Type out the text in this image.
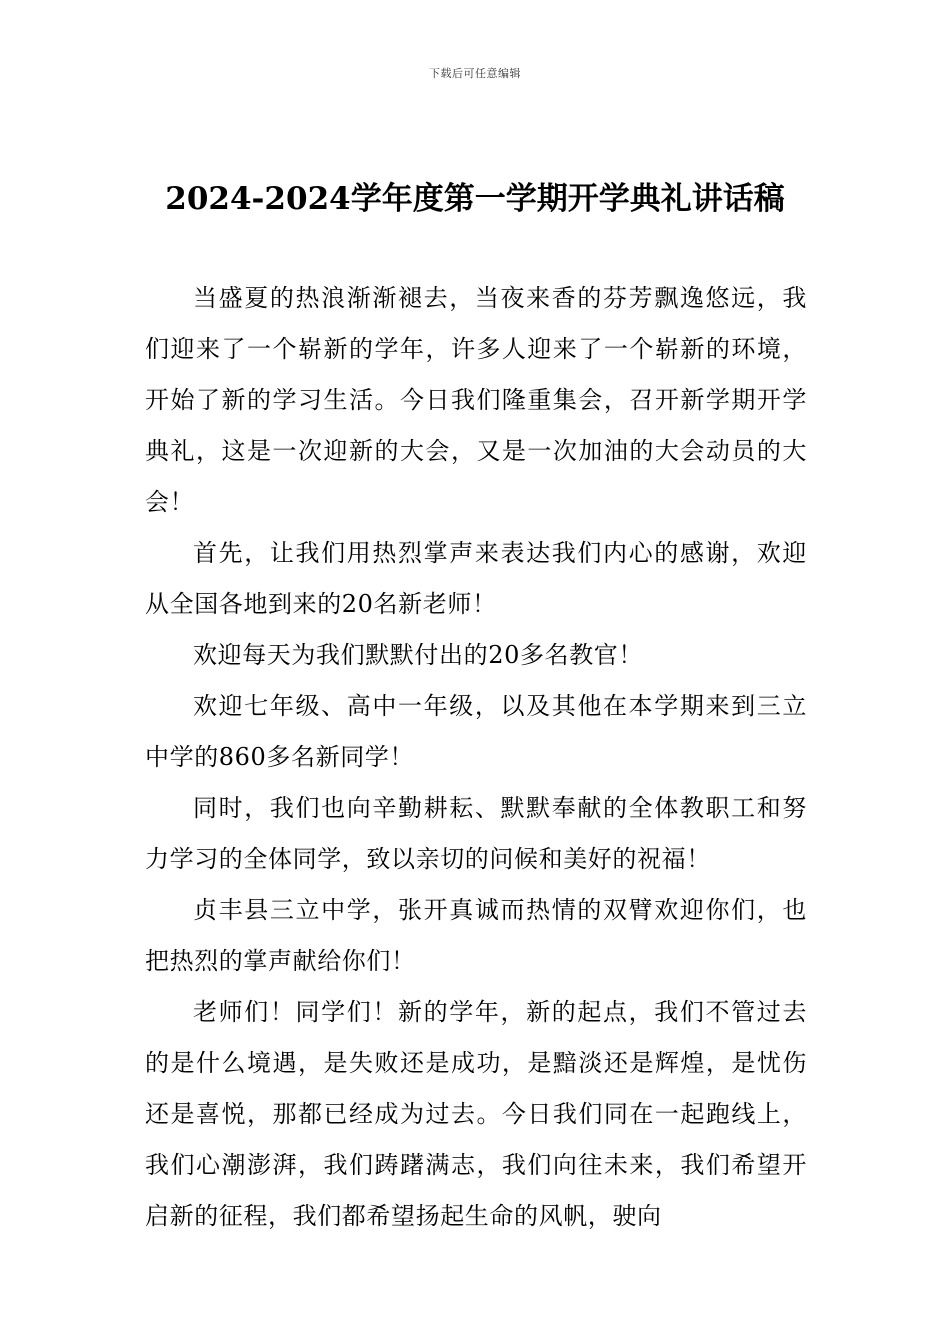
下载后可任意编辑
2024-2024学年度第一学期开学典礼讲话稿

当盛夏的热浪渐渐褪去，当夜来香的芬芳飘逸悠远，我们迎来了一个崭新的学年，许多人迎来了一个崭新的环境，开始了新的学习生活。今日我们隆重集会，召开新学期开学典礼，这是一次迎新的大会，又是一次加油的大会动员的大会！

首先，让我们用热烈掌声来表达我们内心的感谢，欢迎从全国各地到来的20名新老师！

欢迎每天为我们默默付出的20多名教官！

欢迎七年级、高中一年级，以及其他在本学期来到三立中学的860多名新同学！

同时，我们也向辛勤耕耘、默默奉献的全体教职工和努力学习的全体同学，致以亲切的问候和美好的祝福！

贞丰县三立中学，张开真诚而热情的双臂欢迎你们，也把热烈的掌声献给你们！

老师们！同学们！新的学年，新的起点，我们不管过去的是什么境遇，是失败还是成功，是黯淡还是辉煌，是忧伤还是喜悦，那都已经成为过去。今日我们同在一起跑线上，我们心潮澎湃，我们踌躇满志，我们向往未来，我们希望开启新的征程，我们都希望扬起生命的风帆，驶向
